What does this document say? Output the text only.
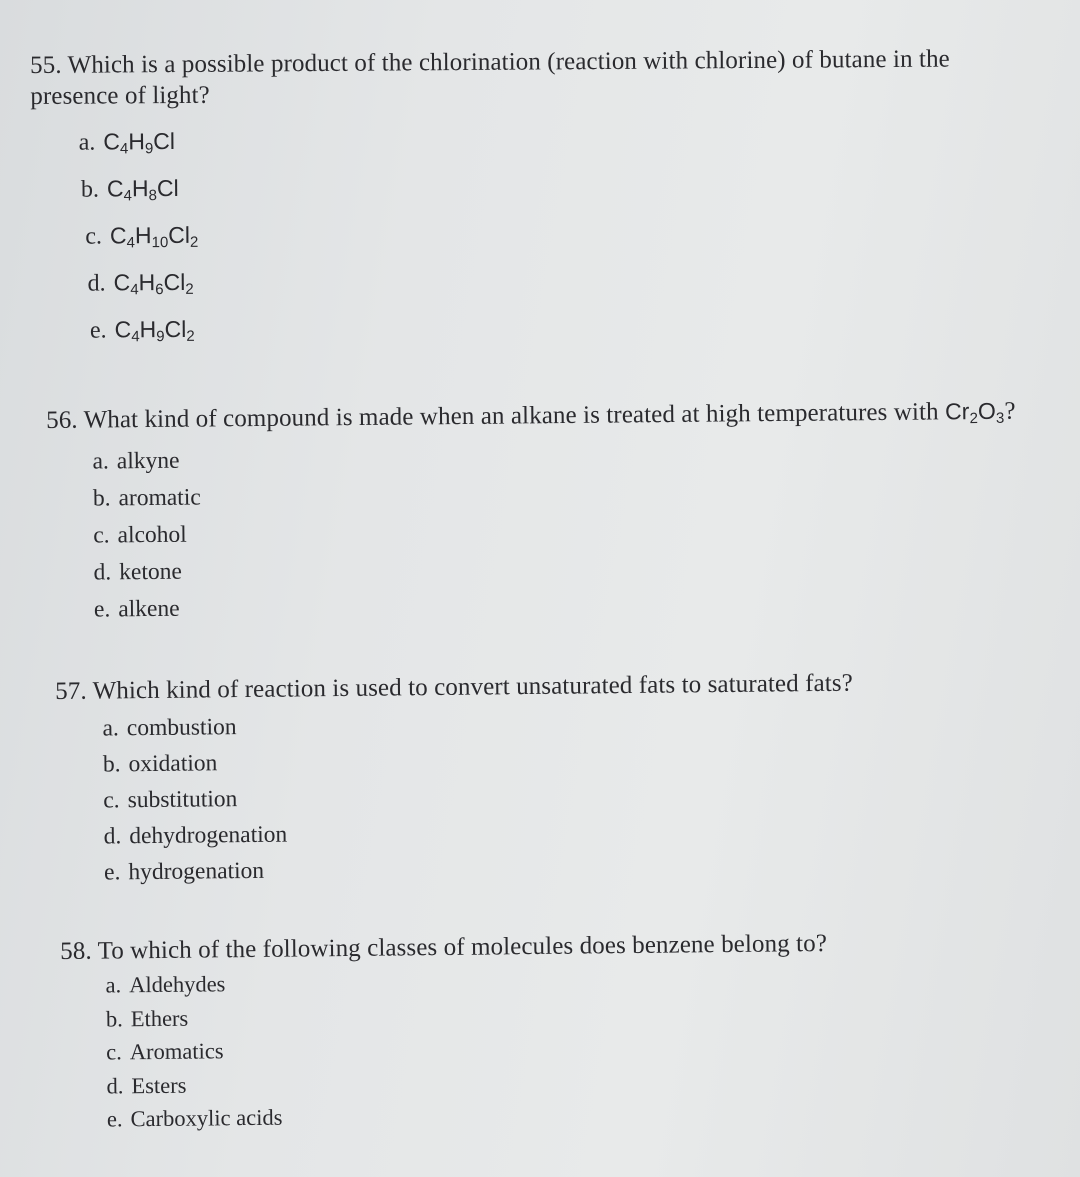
55. Which is a possible product of the chlorination (reaction with chlorine) of butane in the presence of light?

a. $C_4H_9Cl$
b. $C_4H_8Cl$
c. $C_4H_{10}Cl_2$
d. $C_4H_6Cl_2$
e. $C_4H_9Cl_2$

56. What kind of compound is made when an alkane is treated at high temperatures with $Cr_2O_3$?

a. alkyne
b. aromatic
c. alcohol
d. ketone
e. alkene

57. Which kind of reaction is used to convert unsaturated fats to saturated fats?

a. combustion
b. oxidation
c. substitution
d. dehydrogenation
e. hydrogenation

58. To which of the following classes of molecules does benzene belong to?

a. Aldehydes
b. Ethers
c. Aromatics
d. Esters
e. Carboxylic acids
